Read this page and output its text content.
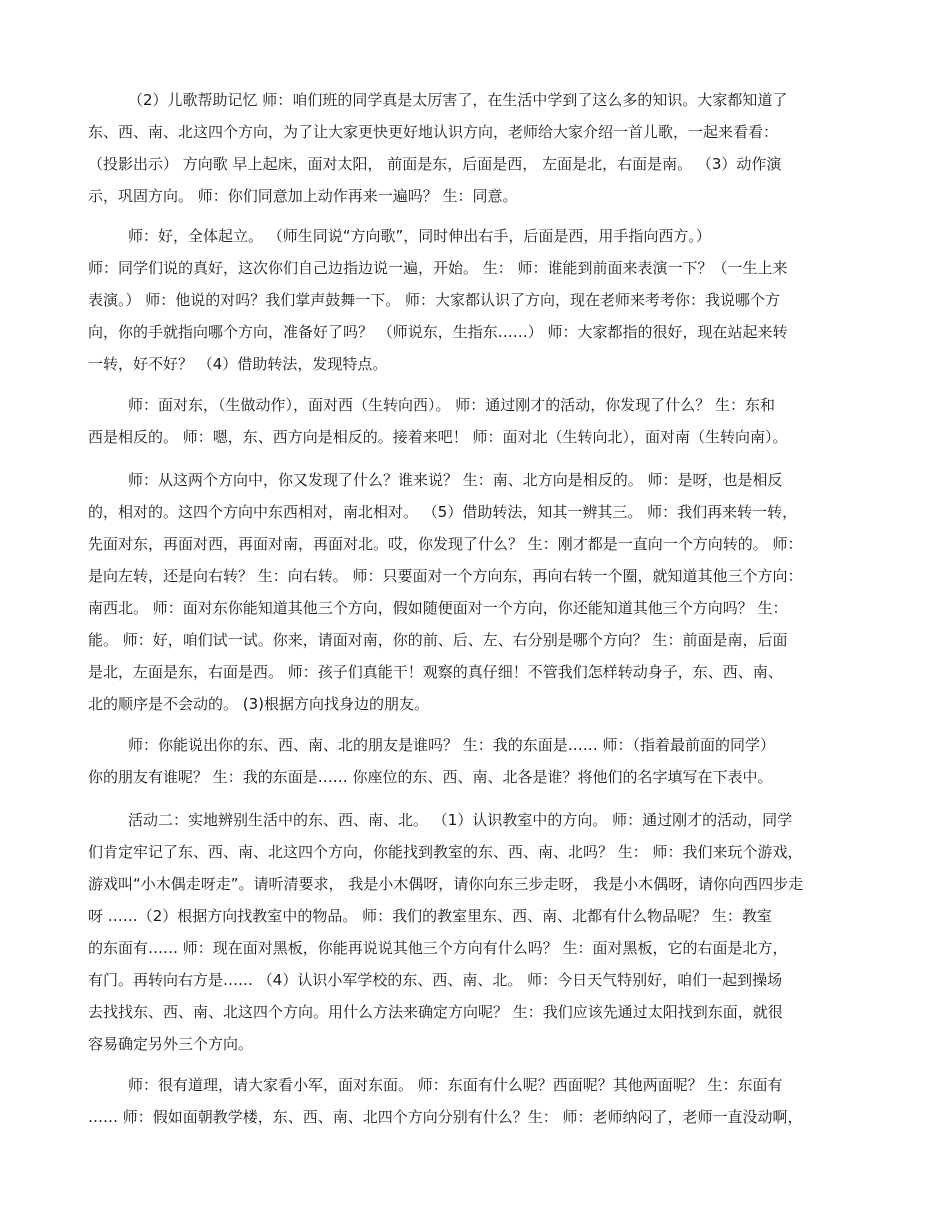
（2）儿歌帮助记忆 师：咱们班的同学真是太厉害了，在生活中学到了这么多的知识。大家都知道了
东、西、南、北这四个方向，为了让大家更快更好地认识方向，老师给大家介绍一首儿歌，一起来看看：
（投影出示） 方向歌 早上起床，面对太阳， 前面是东，后面是西， 左面是北，右面是南。 （3）动作演
示，巩固方向。 师：你们同意加上动作再来一遍吗？ 生：同意。
师：好，全体起立。 （师生同说“方向歌”，同时伸出右手，后面是西，用手指向西方。）
师：同学们说的真好，这次你们自己边指边说一遍，开始。 生： 师：谁能到前面来表演一下？（一生上来
表演。） 师：他说的对吗？我们掌声鼓舞一下。 师：大家都认识了方向，现在老师来考考你：我说哪个方
向，你的手就指向哪个方向，准备好了吗？ （师说东，生指东……） 师：大家都指的很好，现在站起来转
一转，好不好？ （4）借助转法，发现特点。
师：面对东，（生做动作），面对西（生转向西）。 师：通过刚才的活动，你发现了什么？ 生：东和
西是相反的。 师：嗯，东、西方向是相反的。接着来吧！ 师：面对北（生转向北），面对南（生转向南）。
师：从这两个方向中，你又发现了什么？谁来说？ 生：南、北方向是相反的。 师：是呀，也是相反
的，相对的。这四个方向中东西相对，南北相对。 （5）借助转法，知其一辨其三。 师：我们再来转一转，
先面对东，再面对西，再面对南，再面对北。哎，你发现了什么？ 生：刚才都是一直向一个方向转的。 师：
是向左转，还是向右转？ 生：向右转。 师：只要面对一个方向东，再向右转一个圈，就知道其他三个方向：
南西北。 师：面对东你能知道其他三个方向，假如随便面对一个方向，你还能知道其他三个方向吗？ 生：
能。 师：好，咱们试一试。你来，请面对南，你的前、后、左、右分别是哪个方向？ 生：前面是南，后面
是北，左面是东，右面是西。 师：孩子们真能干！观察的真仔细！不管我们怎样转动身子，东、西、南、
北的顺序是不会动的。 (3)根据方向找身边的朋友。
师：你能说出你的东、西、南、北的朋友是谁吗？ 生：我的东面是…… 师：（指着最前面的同学）
你的朋友有谁呢？ 生：我的东面是…… 你座位的东、西、南、北各是谁？将他们的名字填写在下表中。
活动二：实地辨别生活中的东、西、南、北。 （1）认识教室中的方向。 师：通过刚才的活动，同学
们肯定牢记了东、西、南、北这四个方向，你能找到教室的东、西、南、北吗？ 生： 师：我们来玩个游戏，
游戏叫“小木偶走呀走”。请听清要求， 我是小木偶呀，请你向东三步走呀， 我是小木偶呀，请你向西四步走
呀 ……（2）根据方向找教室中的物品。 师：我们的教室里东、西、南、北都有什么物品呢？ 生：教室
的东面有…… 师：现在面对黑板，你能再说说其他三个方向有什么吗？ 生：面对黑板，它的右面是北方，
有门。再转向右方是…… （4）认识小军学校的东、西、南、北。 师：今日天气特别好，咱们一起到操场
去找找东、西、南、北这四个方向。用什么方法来确定方向呢？ 生：我们应该先通过太阳找到东面，就很
容易确定另外三个方向。
师：很有道理，请大家看小军，面对东面。 师：东面有什么呢？西面呢？其他两面呢？ 生：东面有
…… 师：假如面朝教学楼，东、西、南、北四个方向分别有什么？生： 师：老师纳闷了，老师一直没动啊，
